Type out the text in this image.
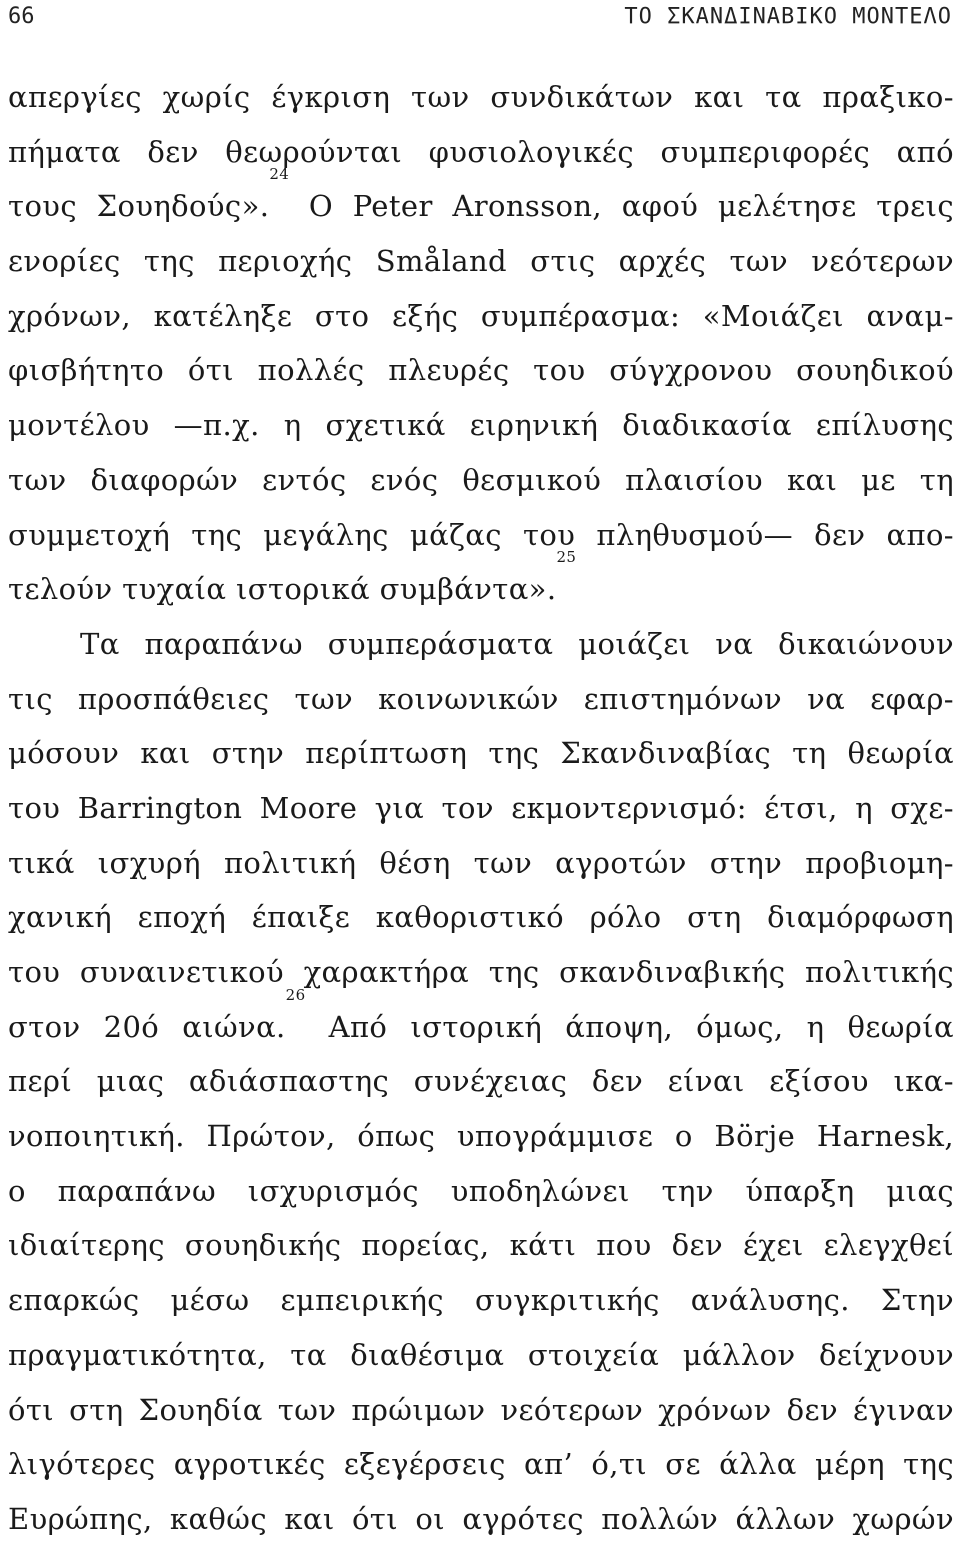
66	ΤΟ ΣΚΑΝΔΙΝΑΒΙΚΟ ΜΟΝΤΕΛΟ
απεργίες χωρίς έγκριση των συνδικάτων και τα πραξικο-
πήματα δεν θεωρούνται φυσιολογικές συμπεριφορές από
τους Σουηδούς».$^{24}$ Ο Peter Aronsson, αφού μελέτησε τρεις
ενορίες της περιοχής Småland στις αρχές των νεότερων
χρόνων, κατέληξε στο εξής συμπέρασμα: «Μοιάζει αναμ-
φισβήτητο ότι πολλές πλευρές του σύγχρονου σουηδικού
μοντέλου —π.χ. η σχετικά ειρηνική διαδικασία επίλυσης
των διαφορών εντός ενός θεσμικού πλαισίου και με τη
συμμετοχή της μεγάλης μάζας του πληθυσμού— δεν απο-
τελούν τυχαία ιστορικά συμβάντα».$^{25}$
Τα παραπάνω συμπεράσματα μοιάζει να δικαιώνουν
τις προσπάθειες των κοινωνικών επιστημόνων να εφαρ-
μόσουν και στην περίπτωση της Σκανδιναβίας τη θεωρία
του Barrington Moore για τον εκμοντερνισμό: έτσι, η σχε-
τικά ισχυρή πολιτική θέση των αγροτών στην προβιομη-
χανική εποχή έπαιξε καθοριστικό ρόλο στη διαμόρφωση
του συναινετικού χαρακτήρα της σκανδιναβικής πολιτικής
στον 20ό αιώνα.$^{26}$ Από ιστορική άποψη, όμως, η θεωρία
περί μιας αδιάσπαστης συνέχειας δεν είναι εξίσου ικα-
νοποιητική. Πρώτον, όπως υπογράμμισε ο Börje Harnesk,
ο παραπάνω ισχυρισμός υποδηλώνει την ύπαρξη μιας
ιδιαίτερης σουηδικής πορείας, κάτι που δεν έχει ελεγχθεί
επαρκώς μέσω εμπειρικής συγκριτικής ανάλυσης. Στην
πραγματικότητα, τα διαθέσιμα στοιχεία μάλλον δείχνουν
ότι στη Σουηδία των πρώιμων νεότερων χρόνων δεν έγιναν
λιγότερες αγροτικές εξεγέρσεις απ’ ό,τι σε άλλα μέρη της
Ευρώπης, καθώς και ότι οι αγρότες πολλών άλλων χωρών
